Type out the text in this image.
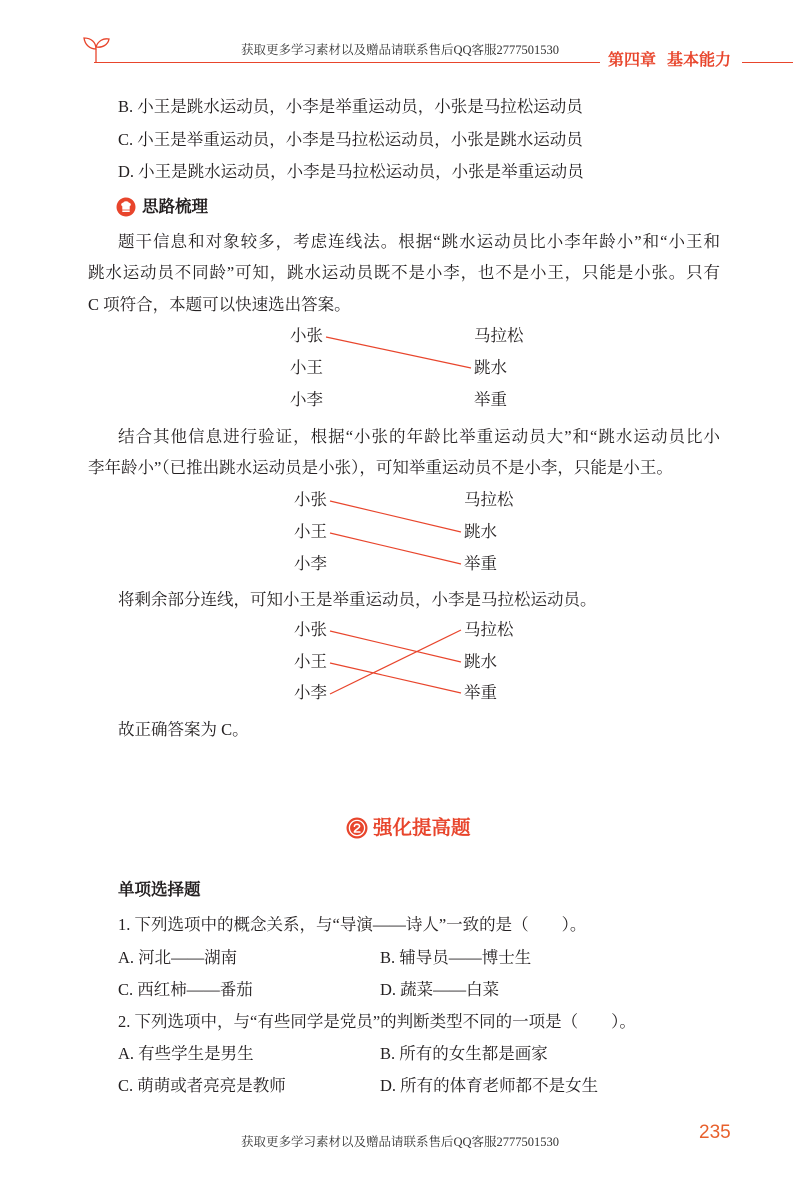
获取更多学习素材以及赠品请联系售后QQ客服2777501530
第四章 基本能力
B. 小王是跳水运动员，小李是举重运动员，小张是马拉松运动员
C. 小王是举重运动员，小李是马拉松运动员，小张是跳水运动员
D. 小王是跳水运动员，小李是马拉松运动员，小张是举重运动员
思路梳理
题干信息和对象较多，考虑连线法。根据“跳水运动员比小李年龄小”和“小王和
跳水运动员不同龄”可知，跳水运动员既不是小李，也不是小王，只能是小张。只有
C 项符合，本题可以快速选出答案。
小张
小王
小李
马拉松
跳水
举重
结合其他信息进行验证，根据“小张的年龄比举重运动员大”和“跳水运动员比小
李年龄小”（已推出跳水运动员是小张），可知举重运动员不是小李，只能是小王。
小张
小王
小李
马拉松
跳水
举重
将剩余部分连线，可知小王是举重运动员，小李是马拉松运动员。
小张
小王
小李
马拉松
跳水
举重
故正确答案为 C。
强化提高题
单项选择题
1. 下列选项中的概念关系，与“导演——诗人”一致的是（　　）。
A. 河北——湖南	B. 辅导员——博士生
C. 西红柿——番茄	D. 蔬菜——白菜
2. 下列选项中，与“有些同学是党员”的判断类型不同的一项是（　　）。
A. 有些学生是男生	B. 所有的女生都是画家
C. 萌萌或者亮亮是教师	D. 所有的体育老师都不是女生
235
获取更多学习素材以及赠品请联系售后QQ客服2777501530
